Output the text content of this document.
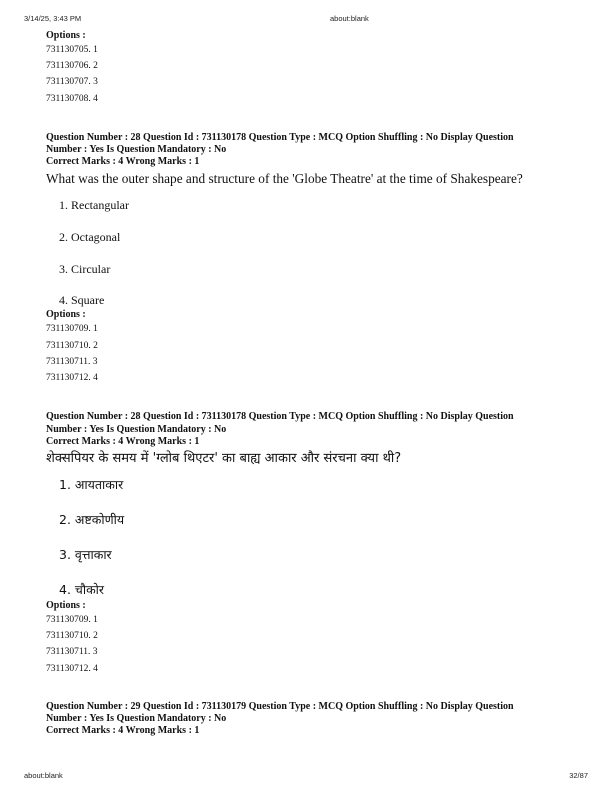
3/14/25, 3:43 PM	about:blank
Options :
731130705. 1
731130706. 2
731130707. 3
731130708. 4
Question Number : 28 Question Id : 731130178 Question Type : MCQ Option Shuffling : No Display Question
Number : Yes Is Question Mandatory : No
Correct Marks : 4 Wrong Marks : 1
What was the outer shape and structure of the 'Globe Theatre' at the time of Shakespeare?
1. Rectangular
2. Octagonal
3. Circular
4. Square
Options :
731130709. 1
731130710. 2
731130711. 3
731130712. 4
Question Number : 28 Question Id : 731130178 Question Type : MCQ Option Shuffling : No Display Question
Number : Yes Is Question Mandatory : No
Correct Marks : 4 Wrong Marks : 1
शेक्सपियर के समय में 'ग्लोब थिएटर' का बाह्य आकार और संरचना क्या थी?
1. आयताकार
2. अष्टकोणीय
3. वृत्ताकार
4. चौकोर
Options :
731130709. 1
731130710. 2
731130711. 3
731130712. 4
Question Number : 29 Question Id : 731130179 Question Type : MCQ Option Shuffling : No Display Question
Number : Yes Is Question Mandatory : No
Correct Marks : 4 Wrong Marks : 1
about:blank	32/87
